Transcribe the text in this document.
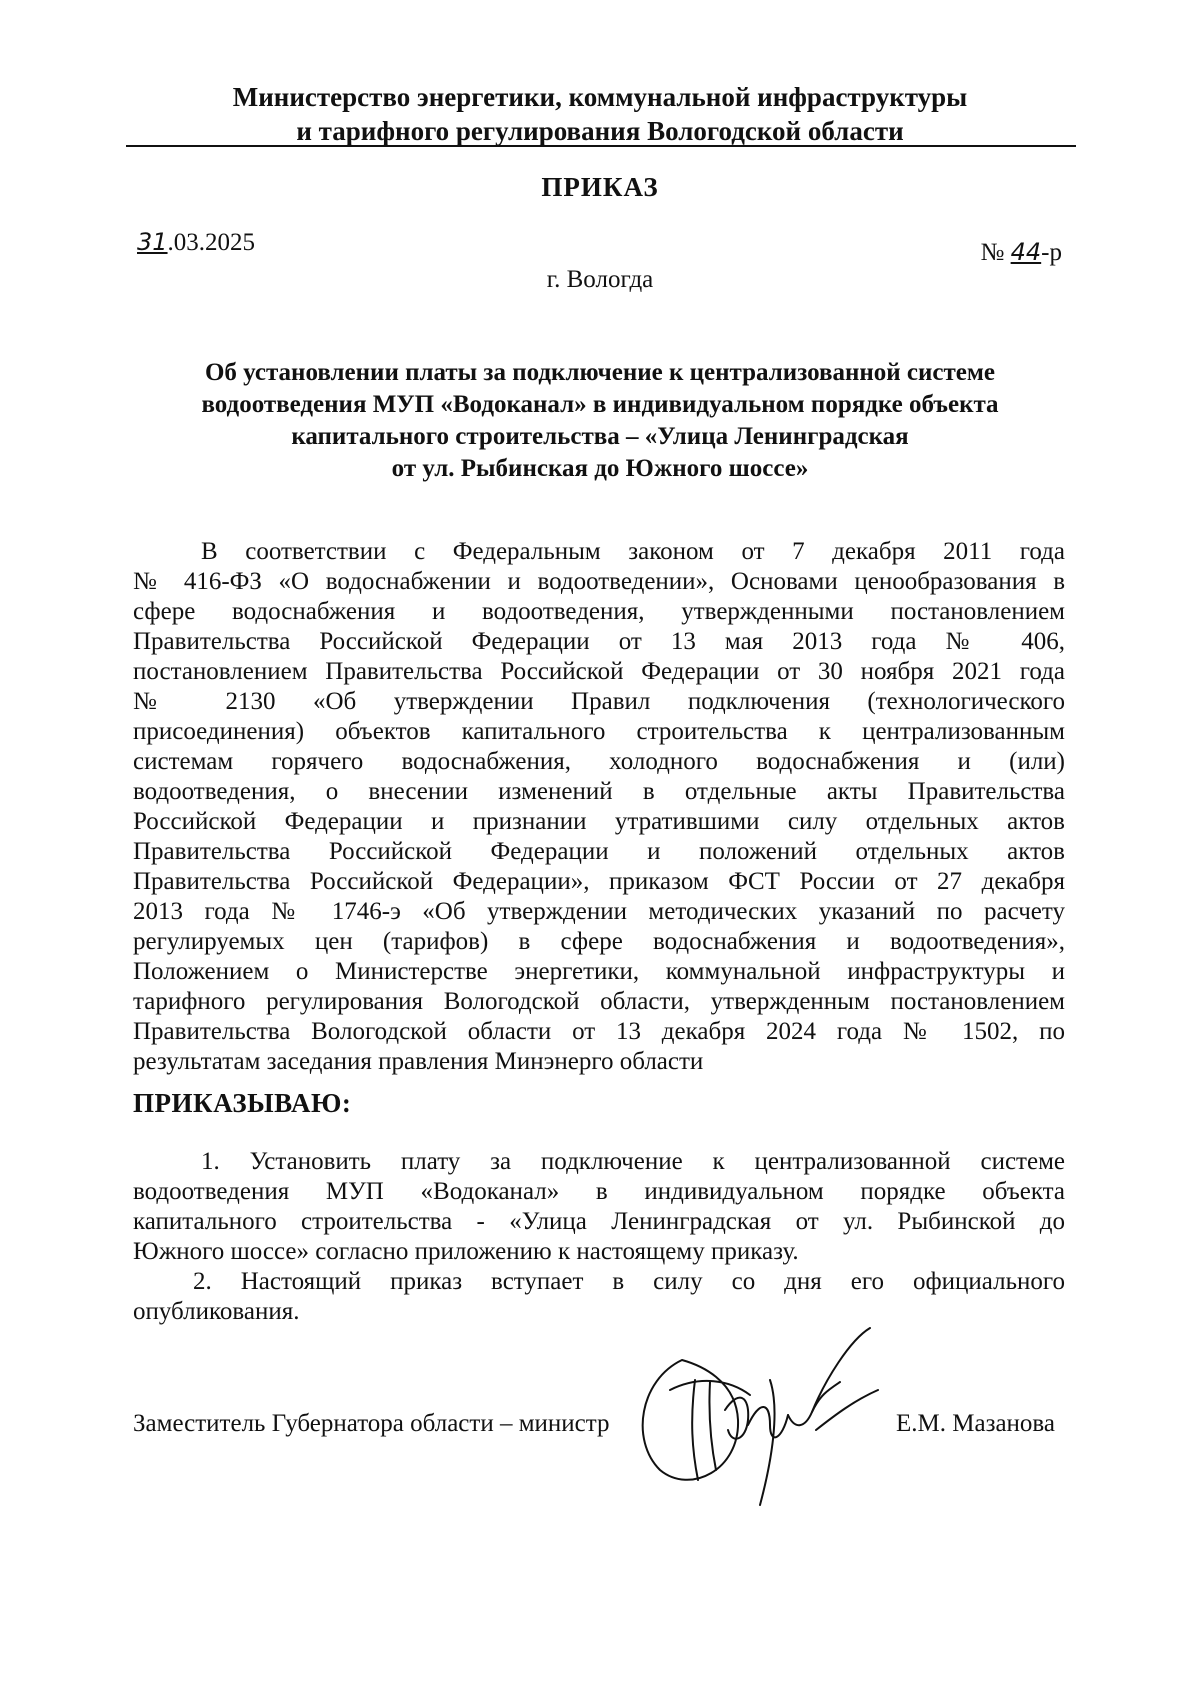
Министерство энергетики, коммунальной инфраструктуры
и тарифного регулирования Вологодской области
ПРИКАЗ
31.03.2025	№ 44-р
г. Вологда
Об установлении платы за подключение к централизованной системе
водоотведения МУП «Водоканал» в индивидуальном порядке объекта
капитального строительства – «Улица Ленинградская
от ул. Рыбинская до Южного шоссе»
В соответствии с Федеральным законом от 7 декабря 2011 года
№ 416-ФЗ «О водоснабжении и водоотведении», Основами ценообразования в
сфере водоснабжения и водоотведения, утвержденными постановлением
Правительства Российской Федерации от 13 мая 2013 года № 406,
постановлением Правительства Российской Федерации от 30 ноября 2021 года
№ 2130 «Об утверждении Правил подключения (технологического
присоединения) объектов капитального строительства к централизованным
системам горячего водоснабжения, холодного водоснабжения и (или)
водоотведения, о внесении изменений в отдельные акты Правительства
Российской Федерации и признании утратившими силу отдельных актов
Правительства Российской Федерации и положений отдельных актов
Правительства Российской Федерации», приказом ФСТ России от 27 декабря
2013 года № 1746-э «Об утверждении методических указаний по расчету
регулируемых цен (тарифов) в сфере водоснабжения и водоотведения»,
Положением о Министерстве энергетики, коммунальной инфраструктуры и
тарифного регулирования Вологодской области, утвержденным постановлением
Правительства Вологодской области от 13 декабря 2024 года № 1502, по
результатам заседания правления Минэнерго области
ПРИКАЗЫВАЮ:
1. Установить плату за подключение к централизованной системе
водоотведения МУП «Водоканал» в индивидуальном порядке объекта
капитального строительства - «Улица Ленинградская от ул. Рыбинской до
Южного шоссе» согласно приложению к настоящему приказу.
2. Настоящий приказ вступает в силу со дня его официального
опубликования.
Заместитель Губернатора области – министр	Е.М. Мазанова
